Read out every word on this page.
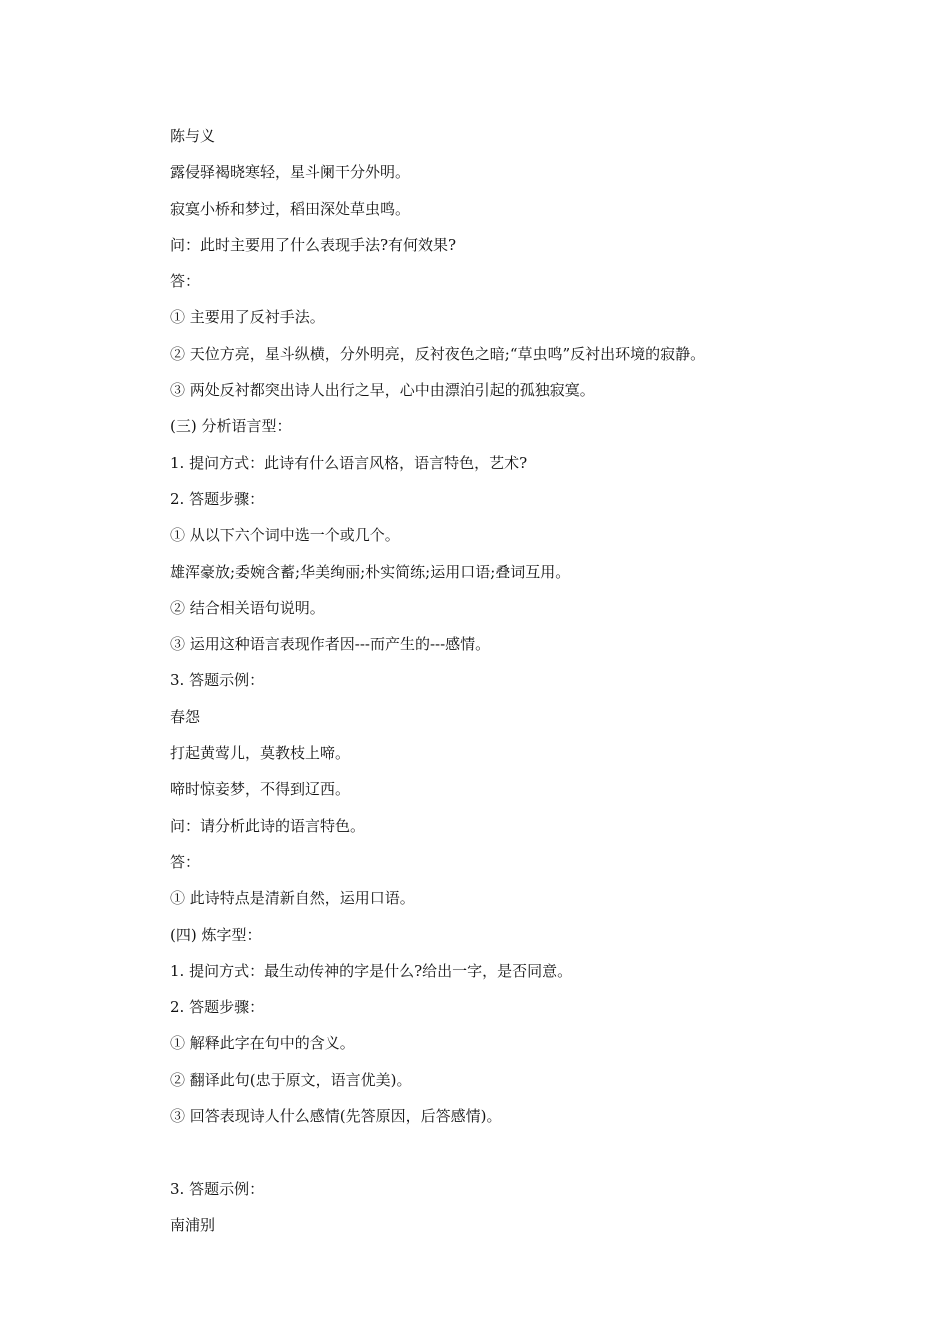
陈与义
露侵驿褐晓寒轻，星斗阑干分外明。
寂寞小桥和梦过，稻田深处草虫鸣。
问：此时主要用了什么表现手法?有何效果?
答：
① 主要用了反衬手法。
② 天位方亮，星斗纵横，分外明亮，反衬夜色之暗;“草虫鸣”反衬出环境的寂静。
③ 两处反衬都突出诗人出行之早，心中由漂泊引起的孤独寂寞。
(三) 分析语言型：
1. 提问方式：此诗有什么语言风格，语言特色，艺术?
2. 答题步骤：
① 从以下六个词中选一个或几个。
雄浑豪放;委婉含蓄;华美绚丽;朴实简练;运用口语;叠词互用。
② 结合相关语句说明。
③ 运用这种语言表现作者因---而产生的---感情。
3. 答题示例：
春怨
打起黄莺儿，莫教枝上啼。
啼时惊妾梦，不得到辽西。
问：请分析此诗的语言特色。
答：
① 此诗特点是清新自然，运用口语。
(四) 炼字型：
1. 提问方式：最生动传神的字是什么?给出一字，是否同意。
2. 答题步骤：
① 解释此字在句中的含义。
② 翻译此句(忠于原文，语言优美)。
③ 回答表现诗人什么感情(先答原因，后答感情)。
3. 答题示例：
南浦别
